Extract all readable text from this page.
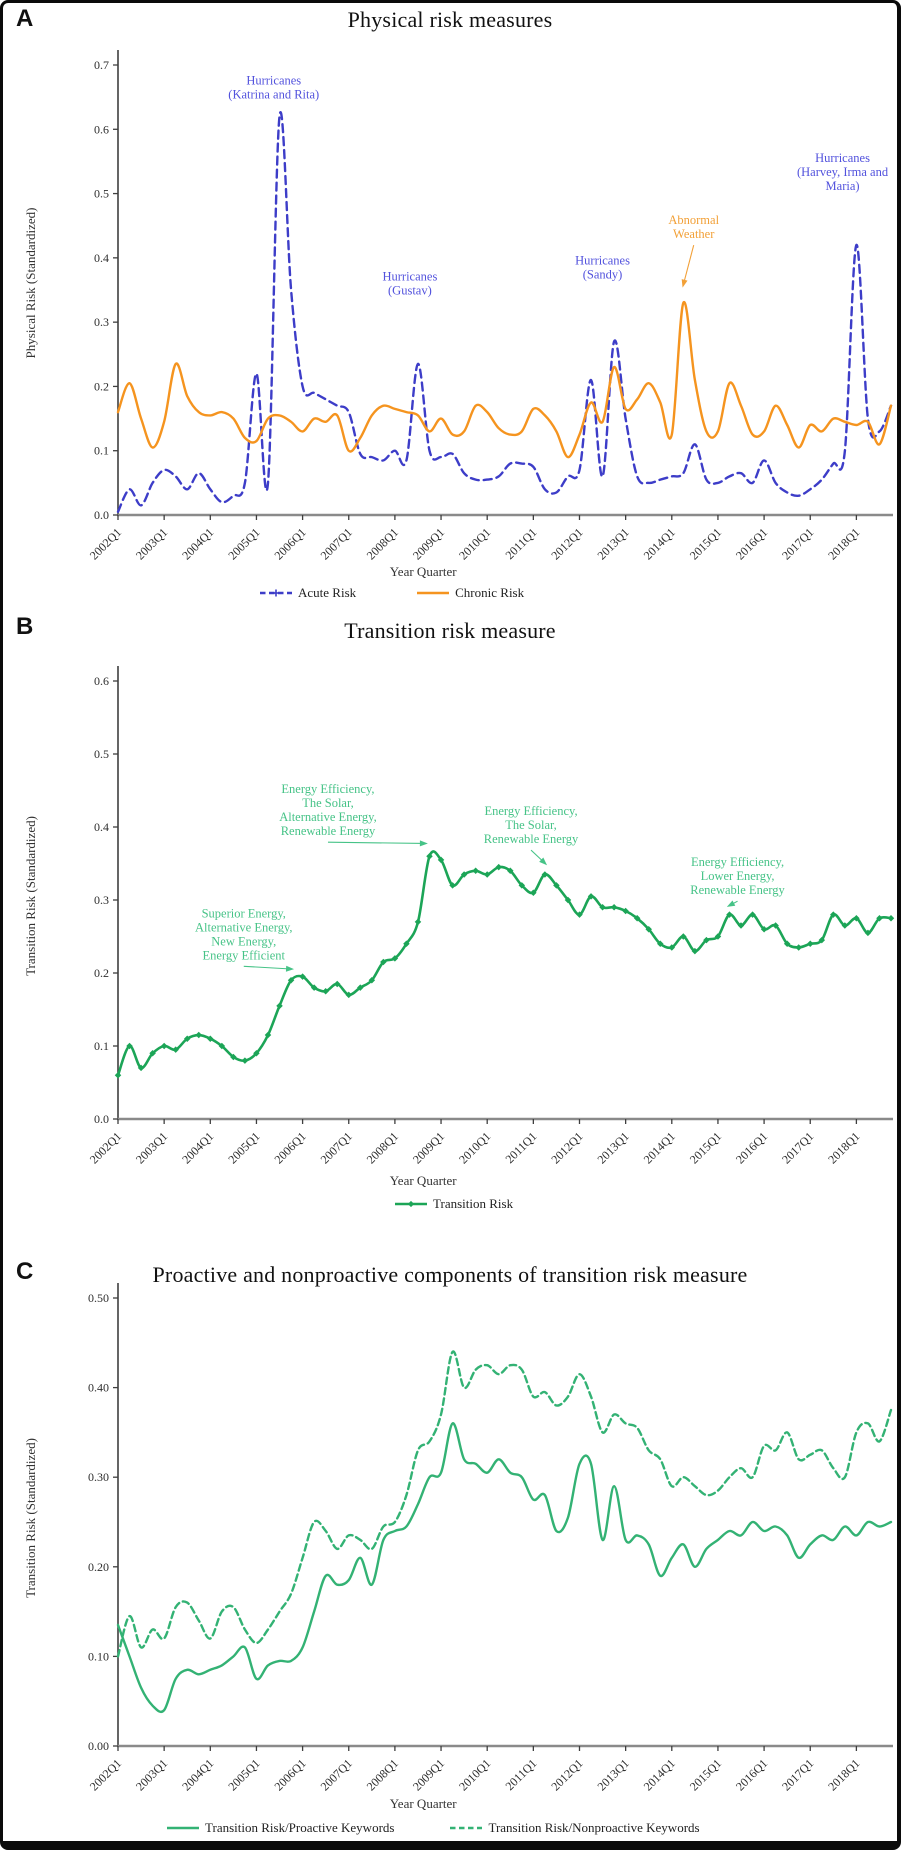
A	Physical risk measures
Physical Risk (Standardized)
Year Quarter
0.0
0.1
0.2
0.3
0.4
0.5
0.6
0.7
2002Q1 2003Q1 2004Q1 2005Q1 2006Q1 2007Q1 2008Q1 2009Q1 2010Q1 2011Q1 2012Q1 2013Q1 2014Q1 2015Q1 2016Q1 2017Q1 2018Q1
Hurricanes (Katrina and Rita)
Hurricanes (Gustav)
Hurricanes (Sandy)
Abnormal Weather
Hurricanes (Harvey, Irma and Maria)
Acute Risk	Chronic Risk
B	Transition risk measure
Transition Risk (Standardized)
Year Quarter
0.0
0.1
0.2
0.3
0.4
0.5
0.6
2002Q1 2003Q1 2004Q1 2005Q1 2006Q1 2007Q1 2008Q1 2009Q1 2010Q1 2011Q1 2012Q1 2013Q1 2014Q1 2015Q1 2016Q1 2017Q1 2018Q1
Superior Energy, Alternative Energy, New Energy, Energy Efficient
Energy Efficiency, The Solar, Alternative Energy, Renewable Energy
Energy Efficiency, The Solar, Renewable Energy
Energy Efficiency, Lower Energy, Renewable Energy
Transition Risk
C	Proactive and nonproactive components of transition risk measure
Transition Risk (Standardized)
Year Quarter
0.00
0.10
0.20
0.30
0.40
0.50
2002Q1 2003Q1 2004Q1 2005Q1 2006Q1 2007Q1 2008Q1 2009Q1 2010Q1 2011Q1 2012Q1 2013Q1 2014Q1 2015Q1 2016Q1 2017Q1 2018Q1
Transition Risk/Proactive Keywords	Transition Risk/Nonproactive Keywords
